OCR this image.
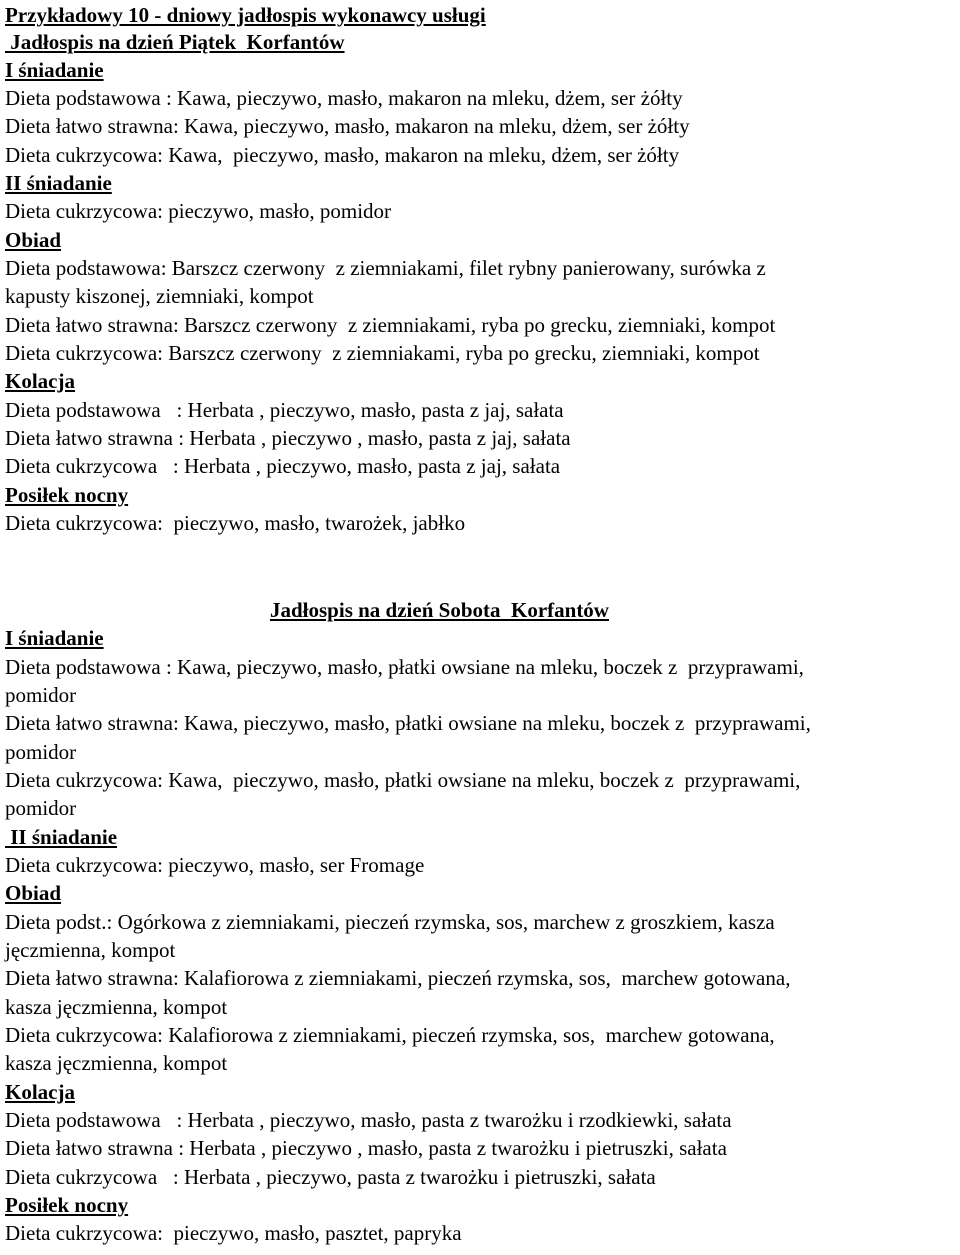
Przykładowy 10 - dniowy jadłospis wykonawcy usługi
Jadłospis na dzień Piątek  Korfantów
I śniadanie
Dieta podstawowa : Kawa, pieczywo, masło, makaron na mleku, dżem, ser żółty
Dieta łatwo strawna: Kawa, pieczywo, masło, makaron na mleku, dżem, ser żółty
Dieta cukrzycowa: Kawa,  pieczywo, masło, makaron na mleku, dżem, ser żółty
II śniadanie
Dieta cukrzycowa: pieczywo, masło, pomidor
Obiad
Dieta podstawowa: Barszcz czerwony  z ziemniakami, filet rybny panierowany, surówka z
kapusty kiszonej, ziemniaki, kompot
Dieta łatwo strawna: Barszcz czerwony  z ziemniakami, ryba po grecku, ziemniaki, kompot
Dieta cukrzycowa: Barszcz czerwony  z ziemniakami, ryba po grecku, ziemniaki, kompot
Kolacja
Dieta podstawowa   : Herbata , pieczywo, masło, pasta z jaj, sałata
Dieta łatwo strawna : Herbata , pieczywo , masło, pasta z jaj, sałata
Dieta cukrzycowa   : Herbata , pieczywo, masło, pasta z jaj, sałata
Posiłek nocny
Dieta cukrzycowa:  pieczywo, masło, twarożek, jabłko
Jadłospis na dzień Sobota  Korfantów
I śniadanie
Dieta podstawowa : Kawa, pieczywo, masło, płatki owsiane na mleku, boczek z  przyprawami,
pomidor
Dieta łatwo strawna: Kawa, pieczywo, masło, płatki owsiane na mleku, boczek z  przyprawami,
pomidor
Dieta cukrzycowa: Kawa,  pieczywo, masło, płatki owsiane na mleku, boczek z  przyprawami,
pomidor
II śniadanie
Dieta cukrzycowa: pieczywo, masło, ser Fromage
Obiad
Dieta podst.: Ogórkowa z ziemniakami, pieczeń rzymska, sos, marchew z groszkiem, kasza
jęczmienna, kompot
Dieta łatwo strawna: Kalafiorowa z ziemniakami, pieczeń rzymska, sos,  marchew gotowana,
kasza jęczmienna, kompot
Dieta cukrzycowa: Kalafiorowa z ziemniakami, pieczeń rzymska, sos,  marchew gotowana,
kasza jęczmienna, kompot
Kolacja
Dieta podstawowa   : Herbata , pieczywo, masło, pasta z twarożku i rzodkiewki, sałata
Dieta łatwo strawna : Herbata , pieczywo , masło, pasta z twarożku i pietruszki, sałata
Dieta cukrzycowa   : Herbata , pieczywo, pasta z twarożku i pietruszki, sałata
Posiłek nocny
Dieta cukrzycowa:  pieczywo, masło, pasztet, papryka
